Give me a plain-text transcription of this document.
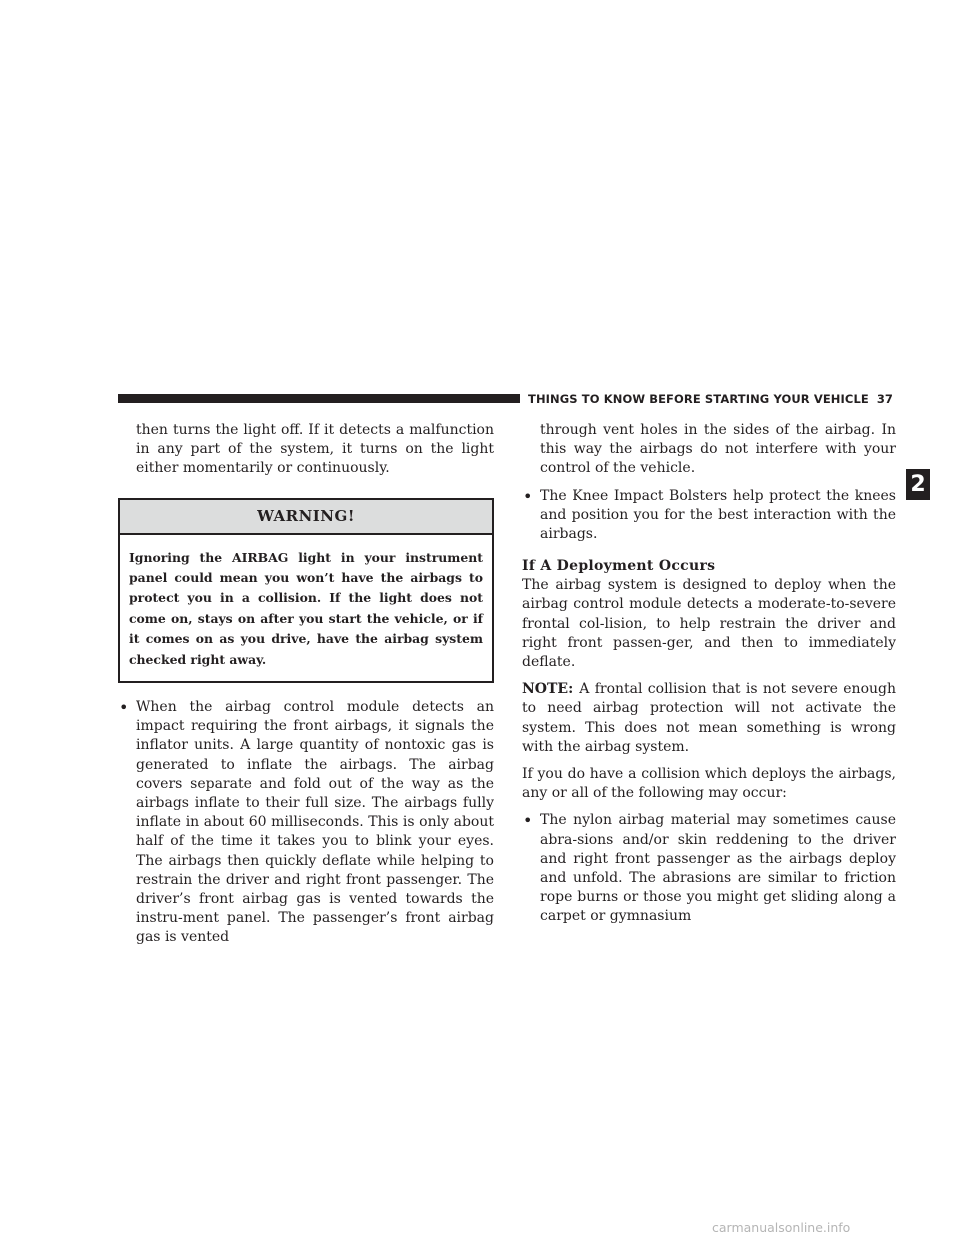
THINGS TO KNOW BEFORE STARTING YOUR VEHICLE 37
2

then turns the light off. If it detects a malfunction in any part of the system, it turns on the light either momentarily or continuously.

WARNING!
Ignoring the AIRBAG light in your instrument panel could mean you won’t have the airbags to protect you in a collision. If the light does not come on, stays on after you start the vehicle, or if it comes on as you drive, have the airbag system checked right away.
• When the airbag control module detects an impact requiring the front airbags, it signals the inflator units. A large quantity of nontoxic gas is generated to inflate the airbags. The airbag covers separate and fold out of the way as the airbags inflate to their full size. The airbags fully inflate in about 60 milliseconds. This is only about half of the time it takes you to blink your eyes. The airbags then quickly deflate while helping to restrain the driver and right front passenger. The driver’s front airbag gas is vented towards the instru-ment panel. The passenger’s front airbag gas is vented

through vent holes in the sides of the airbag. In this way the airbags do not interfere with your control of the vehicle.

• The Knee Impact Bolsters help protect the knees and position you for the best interaction with the airbags.

If A Deployment Occurs

The airbag system is designed to deploy when the airbag control module detects a moderate-to-severe frontal col-lision, to help restrain the driver and right front passen-ger, and then to immediately deflate.

NOTE: A frontal collision that is not severe enough to need airbag protection will not activate the system. This does not mean something is wrong with the airbag system.

If you do have a collision which deploys the airbags, any or all of the following may occur:

• The nylon airbag material may sometimes cause abra-sions and/or skin reddening to the driver and right front passenger as the airbags deploy and unfold. The abrasions are similar to friction rope burns or those you might get sliding along a carpet or gymnasium

carmanualsonline.info
